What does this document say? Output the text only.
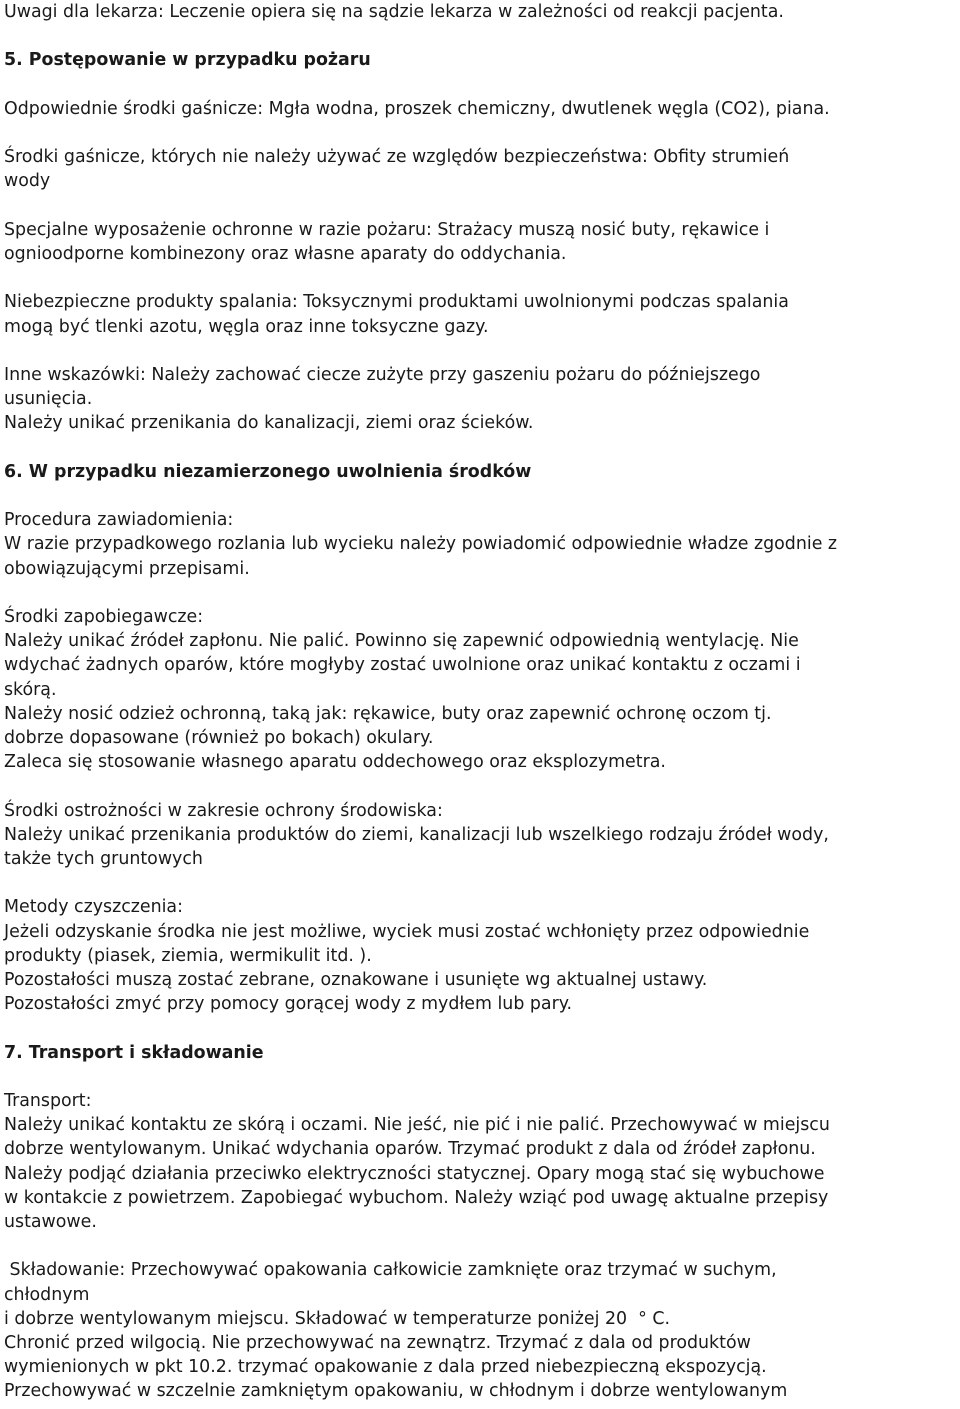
Uwagi dla lekarza: Leczenie opiera się na sądzie lekarza w zależności od reakcji pacjenta.
5. Postępowanie w przypadku pożaru
Odpowiednie środki gaśnicze: Mgła wodna, proszek chemiczny, dwutlenek węgla (CO2), piana.
Środki gaśnicze, których nie należy używać ze względów bezpieczeństwa: Obfity strumień
wody
Specjalne wyposażenie ochronne w razie pożaru: Strażacy muszą nosić buty, rękawice i
ognioodporne kombinezony oraz własne aparaty do oddychania.
Niebezpieczne produkty spalania: Toksycznymi produktami uwolnionymi podczas spalania
mogą być tlenki azotu, węgla oraz inne toksyczne gazy.
Inne wskazówki: Należy zachować ciecze zużyte przy gaszeniu pożaru do późniejszego
usunięcia.
Należy unikać przenikania do kanalizacji, ziemi oraz ścieków.
6. W przypadku niezamierzonego uwolnienia środków
Procedura zawiadomienia:
W razie przypadkowego rozlania lub wycieku należy powiadomić odpowiednie władze zgodnie z
obowiązującymi przepisami.
Środki zapobiegawcze:
Należy unikać źródeł zapłonu. Nie palić. Powinno się zapewnić odpowiednią wentylację. Nie
wdychać żadnych oparów, które mogłyby zostać uwolnione oraz unikać kontaktu z oczami i
skórą.
Należy nosić odzież ochronną, taką jak: rękawice, buty oraz zapewnić ochronę oczom tj.
dobrze dopasowane (również po bokach) okulary.
Zaleca się stosowanie własnego aparatu oddechowego oraz eksplozymetra.
Środki ostrożności w zakresie ochrony środowiska:
Należy unikać przenikania produktów do ziemi, kanalizacji lub wszelkiego rodzaju źródeł wody,
także tych gruntowych
Metody czyszczenia:
Jeżeli odzyskanie środka nie jest możliwe, wyciek musi zostać wchłonięty przez odpowiednie
produkty (piasek, ziemia, wermikulit itd. ).
Pozostałości muszą zostać zebrane, oznakowane i usunięte wg aktualnej ustawy.
Pozostałości zmyć przy pomocy gorącej wody z mydłem lub pary.
7. Transport i składowanie
Transport:
Należy unikać kontaktu ze skórą i oczami. Nie jeść, nie pić i nie palić. Przechowywać w miejscu
dobrze wentylowanym. Unikać wdychania oparów. Trzymać produkt z dala od źródeł zapłonu.
Należy podjąć działania przeciwko elektryczności statycznej. Opary mogą stać się wybuchowe
w kontakcie z powietrzem. Zapobiegać wybuchom. Należy wziąć pod uwagę aktualne przepisy
ustawowe.
Składowanie: Przechowywać opakowania całkowicie zamknięte oraz trzymać w suchym,
chłodnym
i dobrze wentylowanym miejscu. Składować w temperaturze poniżej 20  ° C.
Chronić przed wilgocią. Nie przechowywać na zewnątrz. Trzymać z dala od produktów
wymienionych w pkt 10.2. trzymać opakowanie z dala przed niebezpieczną ekspozycją.
Przechowywać w szczelnie zamkniętym opakowaniu, w chłodnym i dobrze wentylowanym
